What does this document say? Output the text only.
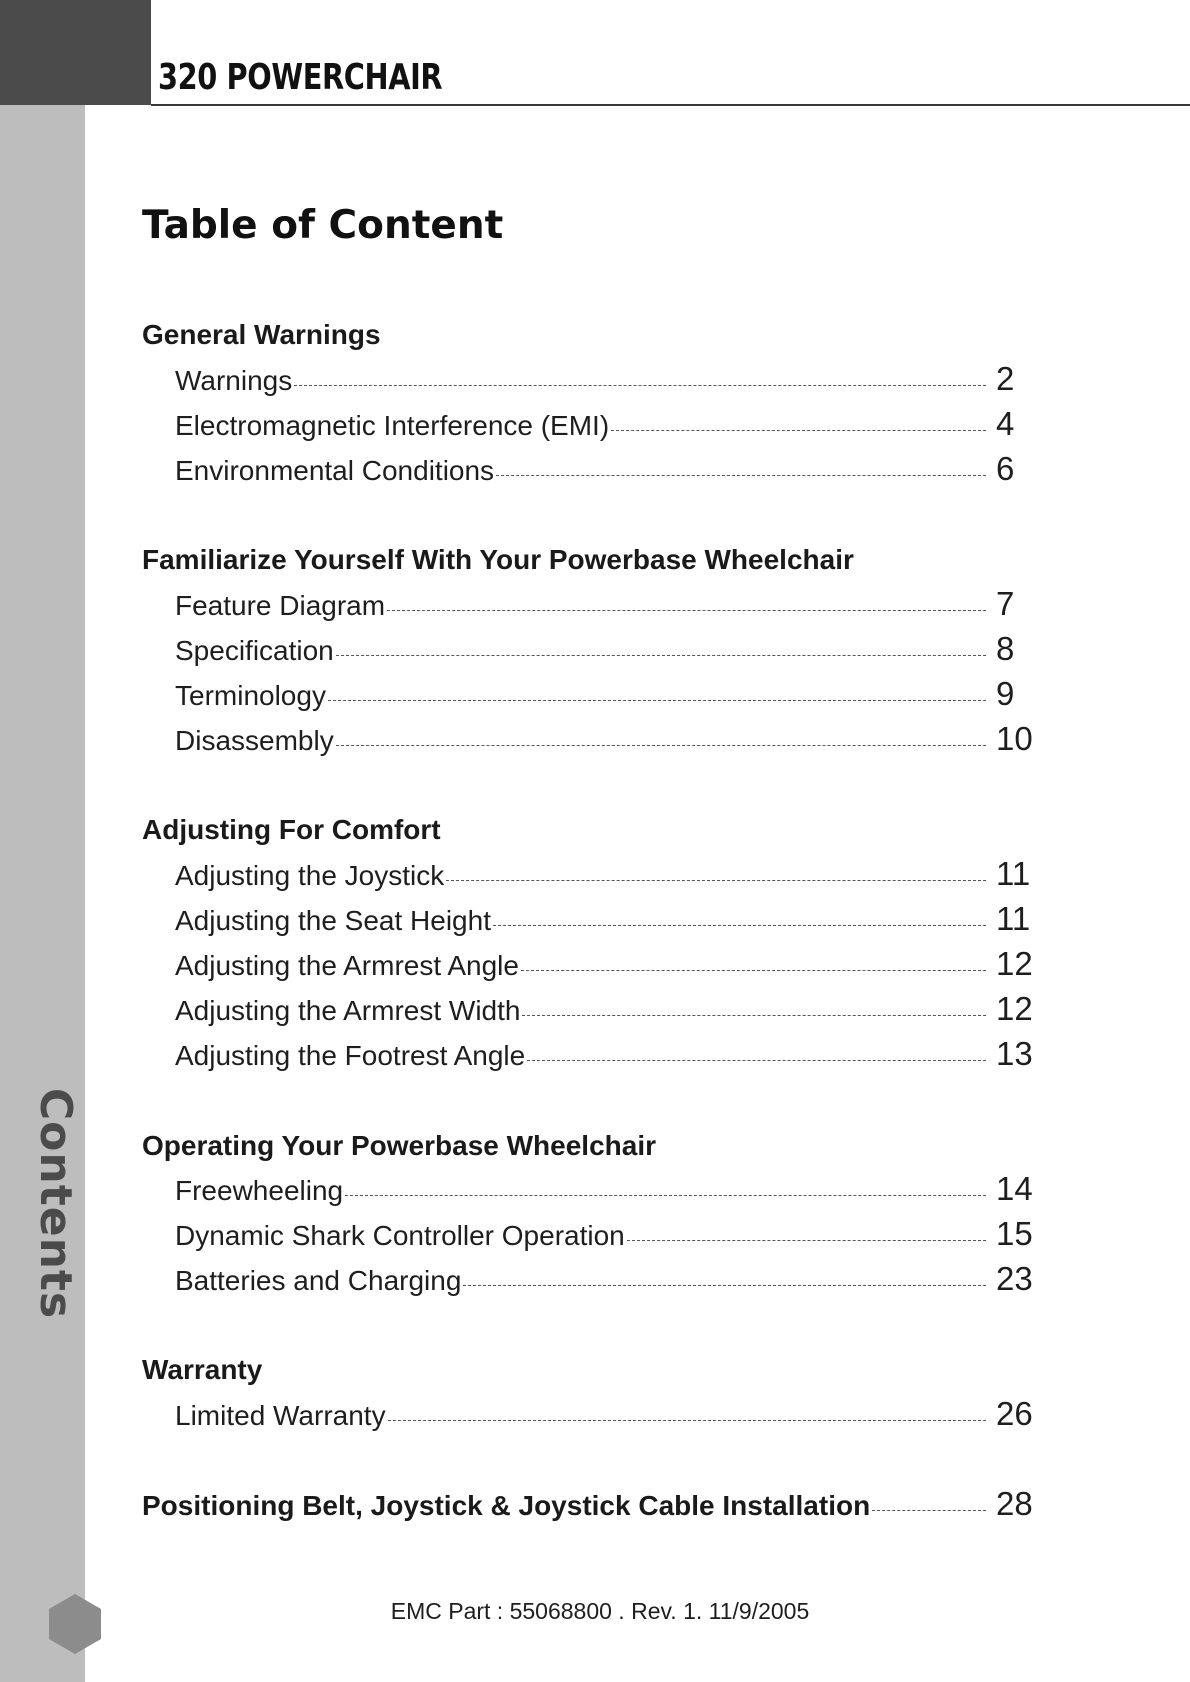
320 POWERCHAIR
Contents
Table of Content
General Warnings
Warnings	2
Electromagnetic Interference (EMI)	4
Environmental Conditions	6
Familiarize Yourself With Your Powerbase Wheelchair
Feature Diagram	7
Specification	8
Terminology	9
Disassembly	10
Adjusting For Comfort
Adjusting the Joystick	11
Adjusting the Seat Height	11
Adjusting the Armrest Angle	12
Adjusting the Armrest Width	12
Adjusting the Footrest Angle	13
Operating Your Powerbase Wheelchair
Freewheeling	14
Dynamic Shark Controller Operation	15
Batteries and Charging	23
Warranty
Limited Warranty	26
Positioning Belt, Joystick & Joystick Cable Installation	28
EMC Part : 55068800 . Rev. 1. 11/9/2005
